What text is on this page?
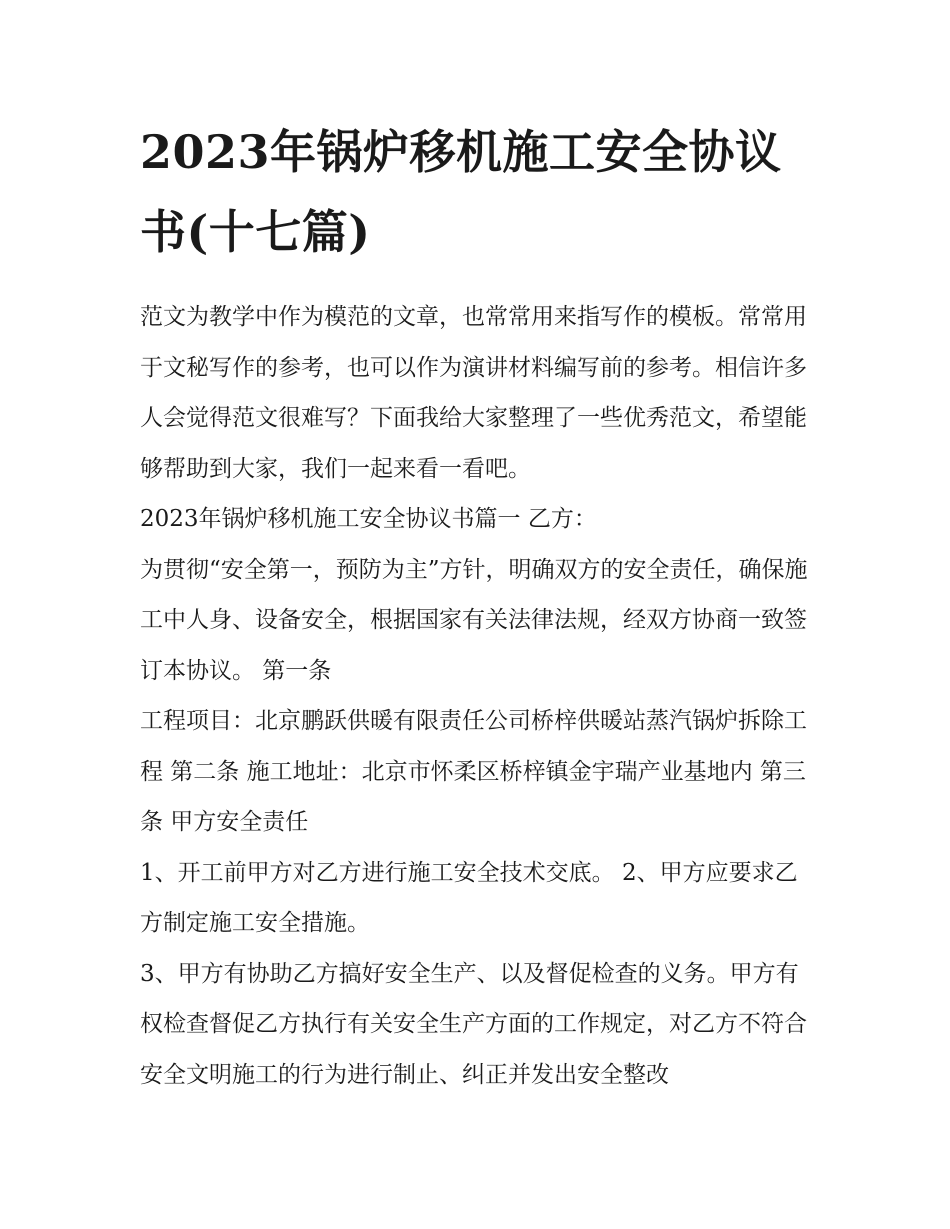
2023年锅炉移机施工安全协议书(十七篇)

范文为教学中作为模范的文章，也常常用来指写作的模板。常常用于文秘写作的参考，也可以作为演讲材料编写前的参考。相信许多人会觉得范文很难写？下面我给大家整理了一些优秀范文，希望能够帮助到大家，我们一起来看一看吧。

2023年锅炉移机施工安全协议书篇一 乙方：

为贯彻“安全第一，预防为主”方针，明确双方的安全责任，确保施工中人身、设备安全，根据国家有关法律法规，经双方协商一致签订本协议。 第一条

工程项目：北京鹏跃供暖有限责任公司桥梓供暖站蒸汽锅炉拆除工程 第二条 施工地址：北京市怀柔区桥梓镇金宇瑞产业基地内 第三条 甲方安全责任

1、开工前甲方对乙方进行施工安全技术交底。 2、甲方应要求乙方制定施工安全措施。

3、甲方有协助乙方搞好安全生产、以及督促检查的义务。甲方有权检查督促乙方执行有关安全生产方面的工作规定，对乙方不符合安全文明施工的行为进行制止、纠正并发出安全整改
